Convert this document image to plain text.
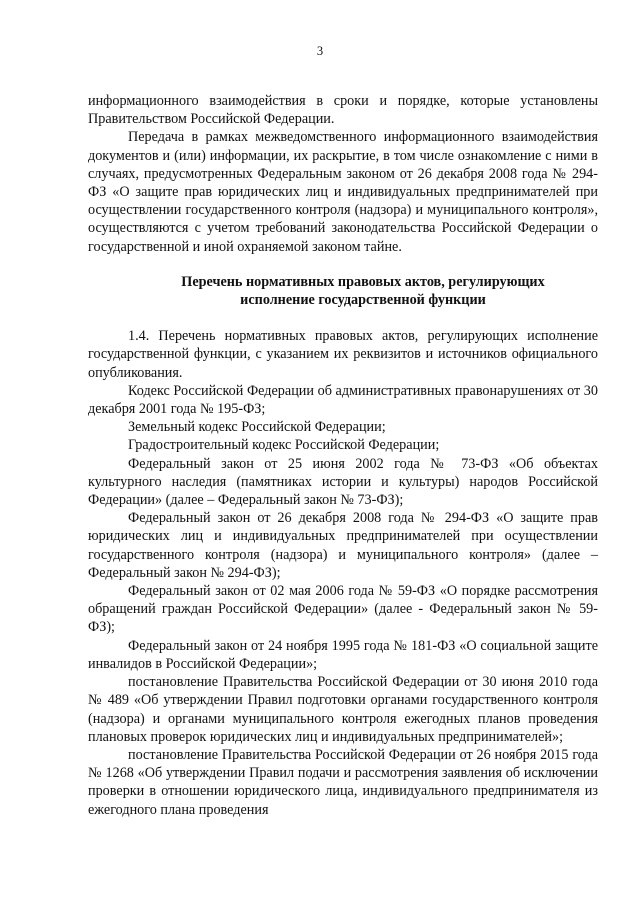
3

информационного взаимодействия в сроки и порядке, которые установлены Правительством Российской Федерации.

Передача в рамках межведомственного информационного взаимодействия документов и (или) информации, их раскрытие, в том числе ознакомление с ними в случаях, предусмотренных Федеральным законом от 26 декабря 2008 года № 294-ФЗ «О защите прав юридических лиц и индивидуальных предпринимателей при осуществлении государственного контроля (надзора) и муниципального контроля», осуществляются с учетом требований законодательства Российской Федерации о государственной и иной охраняемой законом тайне.

Перечень нормативных правовых актов, регулирующих
исполнение государственной функции

1.4. Перечень нормативных правовых актов, регулирующих исполнение государственной функции, с указанием их реквизитов и источников официального опубликования.

Кодекс Российской Федерации об административных правонарушениях от 30 декабря 2001 года № 195-ФЗ;

Земельный кодекс Российской Федерации;

Градостроительный кодекс Российской Федерации;

Федеральный закон от 25 июня 2002 года № 73-ФЗ «Об объектах культурного наследия (памятниках истории и культуры) народов Российской Федерации» (далее – Федеральный закон № 73-ФЗ);

Федеральный закон от 26 декабря 2008 года № 294-ФЗ «О защите прав юридических лиц и индивидуальных предпринимателей при осуществлении государственного контроля (надзора) и муниципального контроля» (далее – Федеральный закон № 294-ФЗ);

Федеральный закон от 02 мая 2006 года № 59-ФЗ «О порядке рассмотрения обращений граждан Российской Федерации» (далее - Федеральный закон № 59-ФЗ);

Федеральный закон от 24 ноября 1995 года № 181-ФЗ «О социальной защите инвалидов в Российской Федерации»;

постановление Правительства Российской Федерации от 30 июня 2010 года № 489 «Об утверждении Правил подготовки органами государственного контроля (надзора) и органами муниципального контроля ежегодных планов проведения плановых проверок юридических лиц и индивидуальных предпринимателей»;

постановление Правительства Российской Федерации от 26 ноября 2015 года № 1268 «Об утверждении Правил подачи и рассмотрения заявления об исключении проверки в отношении юридического лица, индивидуального предпринимателя из ежегодного плана проведения
